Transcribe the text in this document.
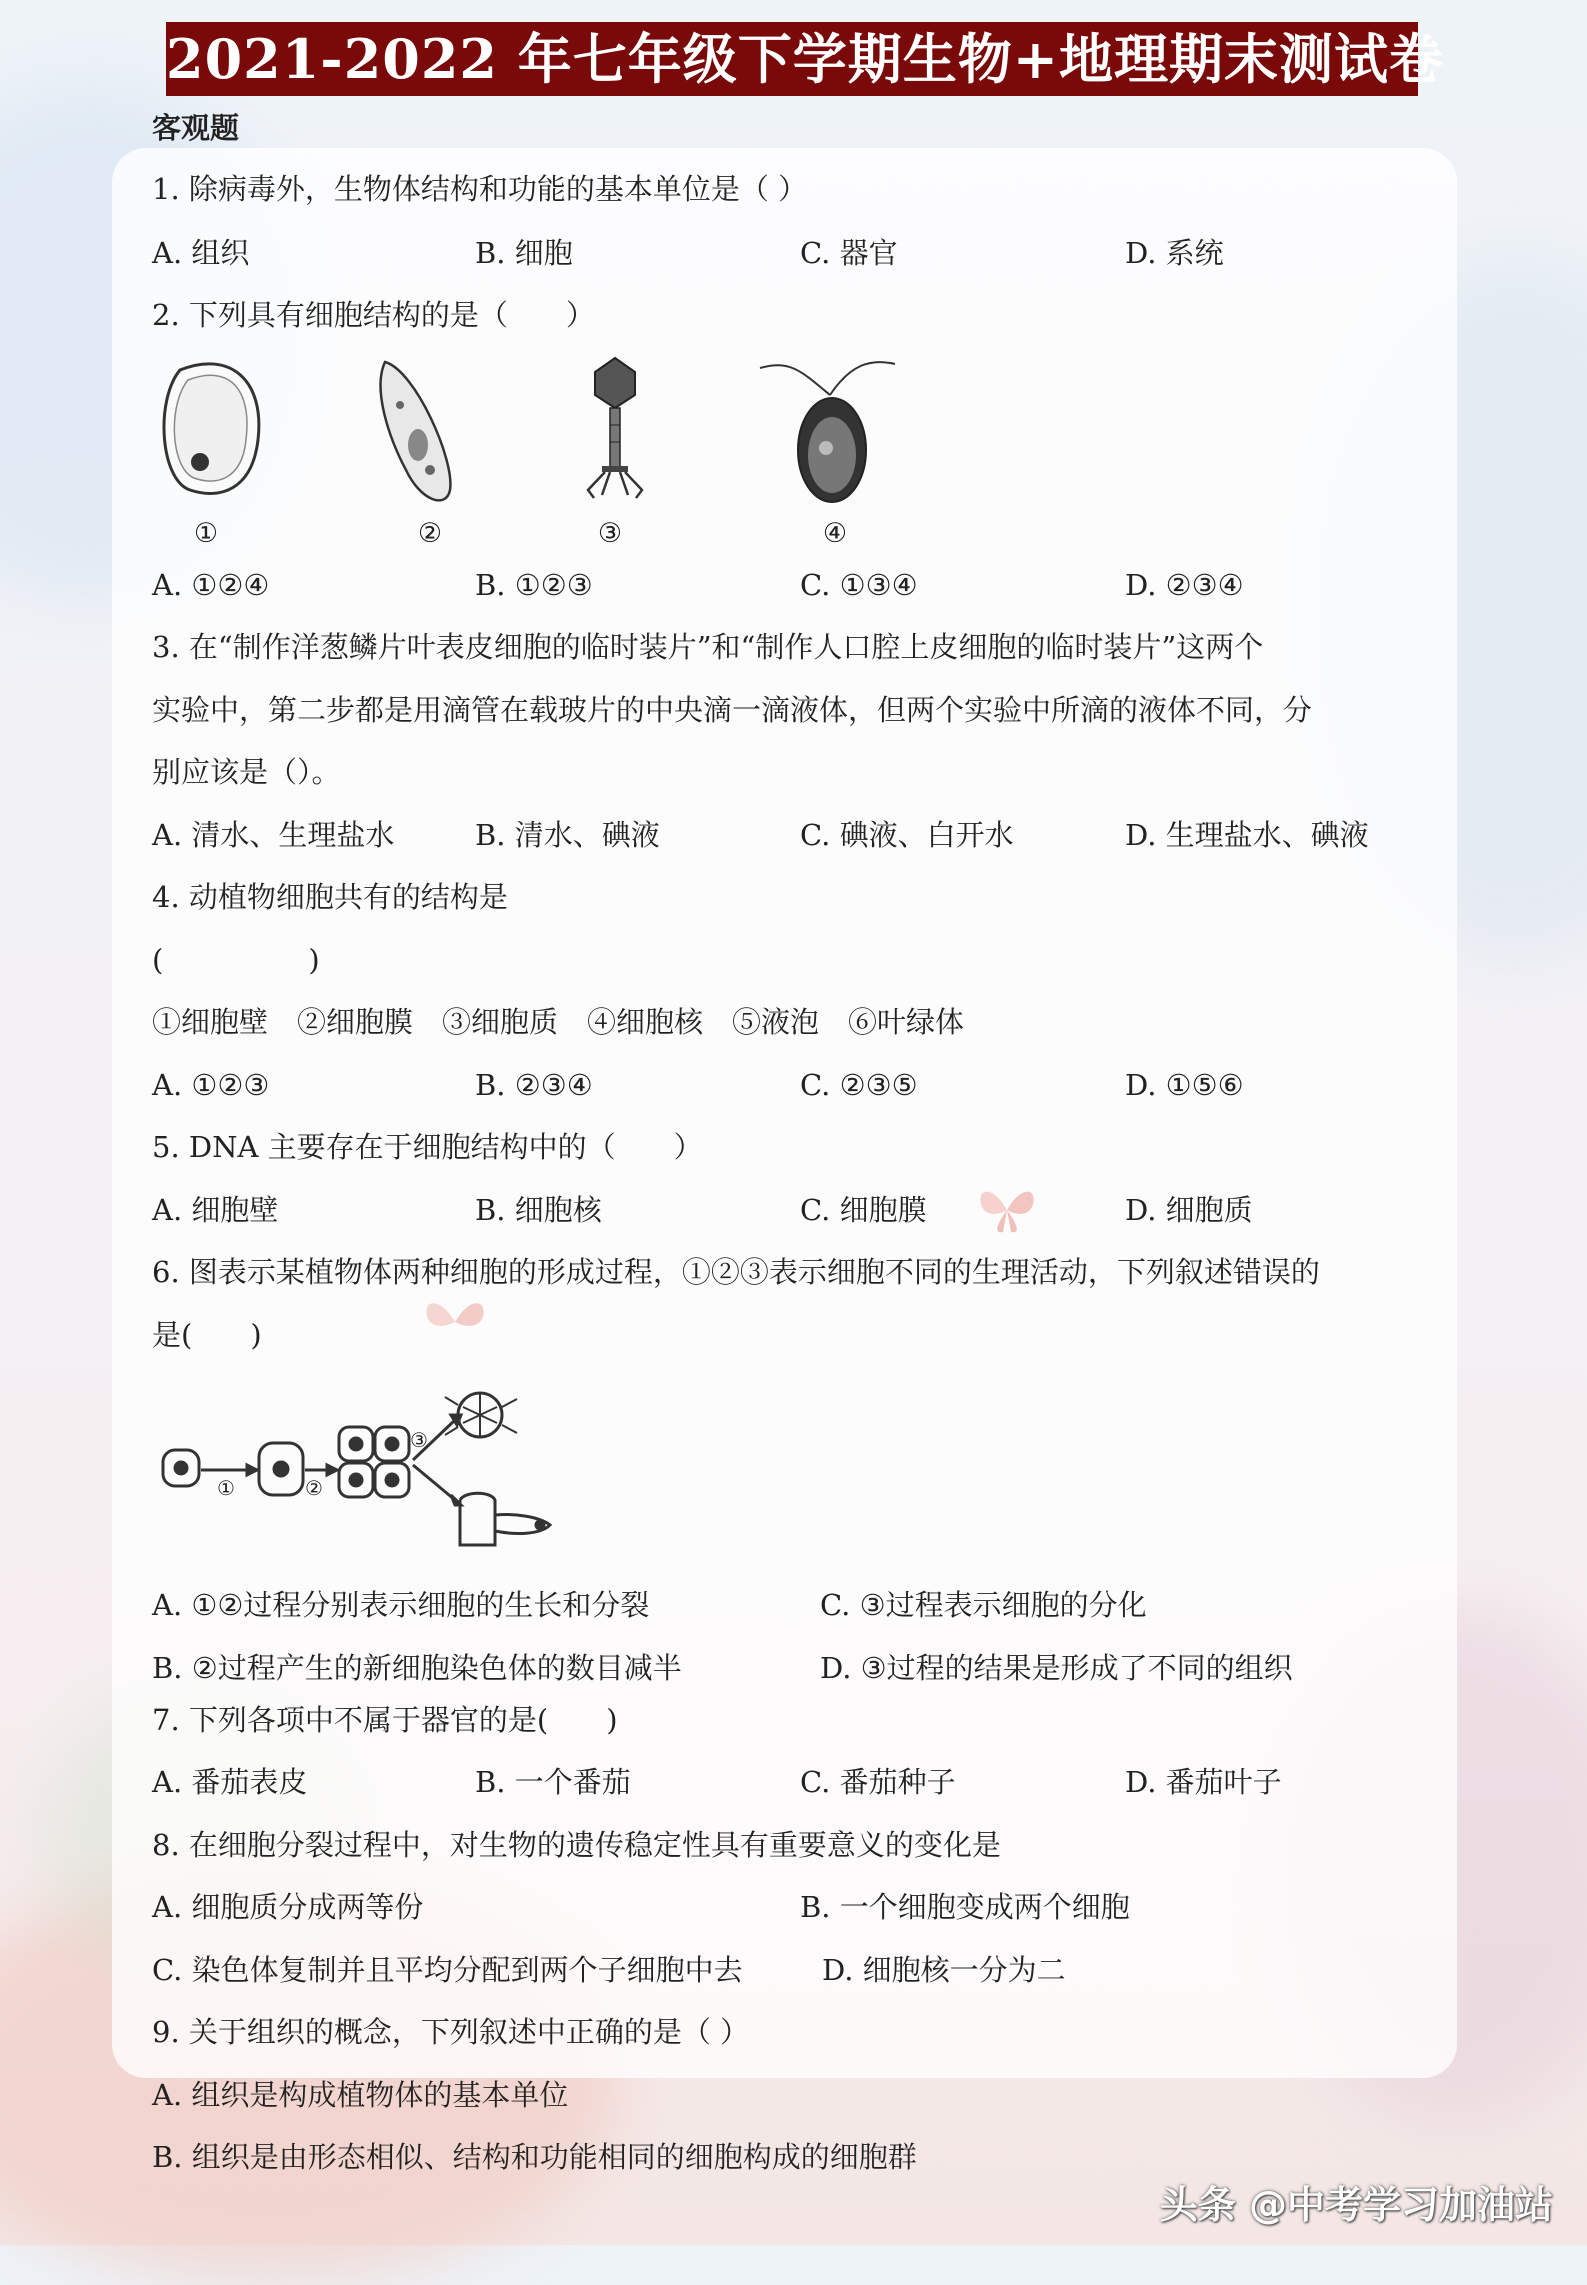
2021-2022 年七年级下学期生物+地理期末测试卷
客观题
1. 除病毒外，生物体结构和功能的基本单位是（ ）
A. 组织	B. 细胞	C. 器官	D. 系统
2. 下列具有细胞结构的是（　　）
①	②	③	④
A. ①②④	B. ①②③	C. ①③④	D. ②③④
3. 在“制作洋葱鳞片叶表皮细胞的临时装片”和“制作人口腔上皮细胞的临时装片”这两个
实验中，第二步都是用滴管在载玻片的中央滴一滴液体，但两个实验中所滴的液体不同，分
别应该是（）。
A. 清水、生理盐水	B. 清水、碘液	C. 碘液、白开水	D. 生理盐水、碘液
4. 动植物细胞共有的结构是
(　　　　　)
①细胞壁　②细胞膜　③细胞质　④细胞核　⑤液泡　⑥叶绿体
A. ①②③	B. ②③④	C. ②③⑤	D. ①⑤⑥
5. DNA 主要存在于细胞结构中的（　　）
A. 细胞壁	B. 细胞核	C. 细胞膜	D. 细胞质
6. 图表示某植物体两种细胞的形成过程，①②③表示细胞不同的生理活动，下列叙述错误的
是(　　)
①	②
③
A. ①②过程分别表示细胞的生长和分裂	C. ③过程表示细胞的分化
B. ②过程产生的新细胞染色体的数目减半	D. ③过程的结果是形成了不同的组织
7. 下列各项中不属于器官的是(　　)
A. 番茄表皮	B. 一个番茄	C. 番茄种子	D. 番茄叶子
8. 在细胞分裂过程中，对生物的遗传稳定性具有重要意义的变化是
A. 细胞质分成两等份	B. 一个细胞变成两个细胞
C. 染色体复制并且平均分配到两个子细胞中去	D. 细胞核一分为二
9. 关于组织的概念，下列叙述中正确的是（ ）
A. 组织是构成植物体的基本单位
B. 组织是由形态相似、结构和功能相同的细胞构成的细胞群
头条 @中考学习加油站
